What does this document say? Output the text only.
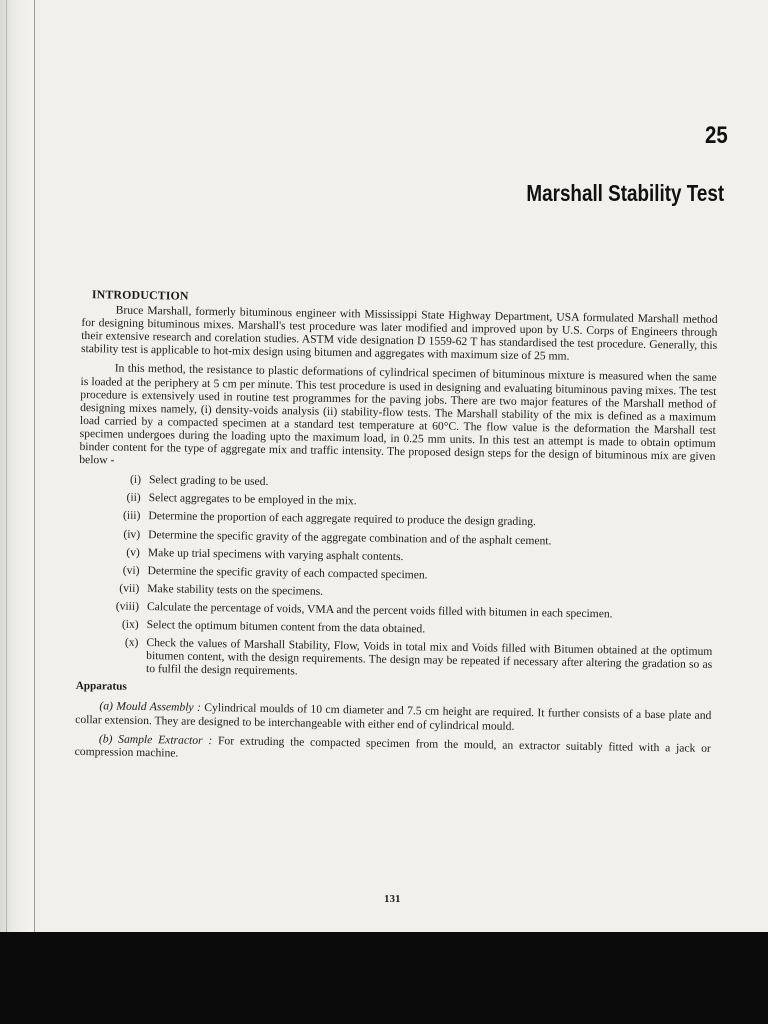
25
Marshall Stability Test
INTRODUCTION

Bruce Marshall, formerly bituminous engineer with Mississippi State Highway Department, USA formulated Marshall method for designing bituminous mixes. Marshall's test procedure was later modified and improved upon by U.S. Corps of Engineers through their extensive research and corelation studies. ASTM vide designation D 1559-62 T has standardised the test procedure. Generally, this stability test is applicable to hot-mix design using bitumen and aggregates with maximum size of 25 mm.

In this method, the resistance to plastic deformations of cylindrical specimen of bituminous mixture is measured when the same is loaded at the periphery at 5 cm per minute. This test procedure is used in designing and evaluating bituminous paving mixes. The test procedure is extensively used in routine test programmes for the paving jobs. There are two major features of the Marshall method of designing mixes namely, (i) density-voids analysis (ii) stability-flow tests. The Marshall stability of the mix is defined as a maximum load carried by a compacted specimen at a standard test temperature at 60°C. The flow value is the deformation the Marshall test specimen undergoes during the loading upto the maximum load, in 0.25 mm units. In this test an attempt is made to obtain optimum binder content for the type of aggregate mix and traffic intensity. The proposed design steps for the design of bituminous mix are given below -

(i) Select grading to be used.
(ii) Select aggregates to be employed in the mix.
(iii) Determine the proportion of each aggregate required to produce the design grading.
(iv) Determine the specific gravity of the aggregate combination and of the asphalt cement.
(v) Make up trial specimens with varying asphalt contents.
(vi) Determine the specific gravity of each compacted specimen.
(vii) Make stability tests on the specimens.
(viii) Calculate the percentage of voids, VMA and the percent voids filled with bitumen in each specimen.
(ix) Select the optimum bitumen content from the data obtained.
(x) Check the values of Marshall Stability, Flow, Voids in total mix and Voids filled with Bitumen obtained at the optimum bitumen content, with the design requirements. The design may be repeated if necessary after altering the gradation so as to fulfil the design requirements.
Apparatus

(a) Mould Assembly : Cylindrical moulds of 10 cm diameter and 7.5 cm height are required. It further consists of a base plate and collar extension. They are designed to be interchangeable with either end of cylindrical mould.

(b) Sample Extractor : For extruding the compacted specimen from the mould, an extractor suitably fitted with a jack or compression machine.

131
